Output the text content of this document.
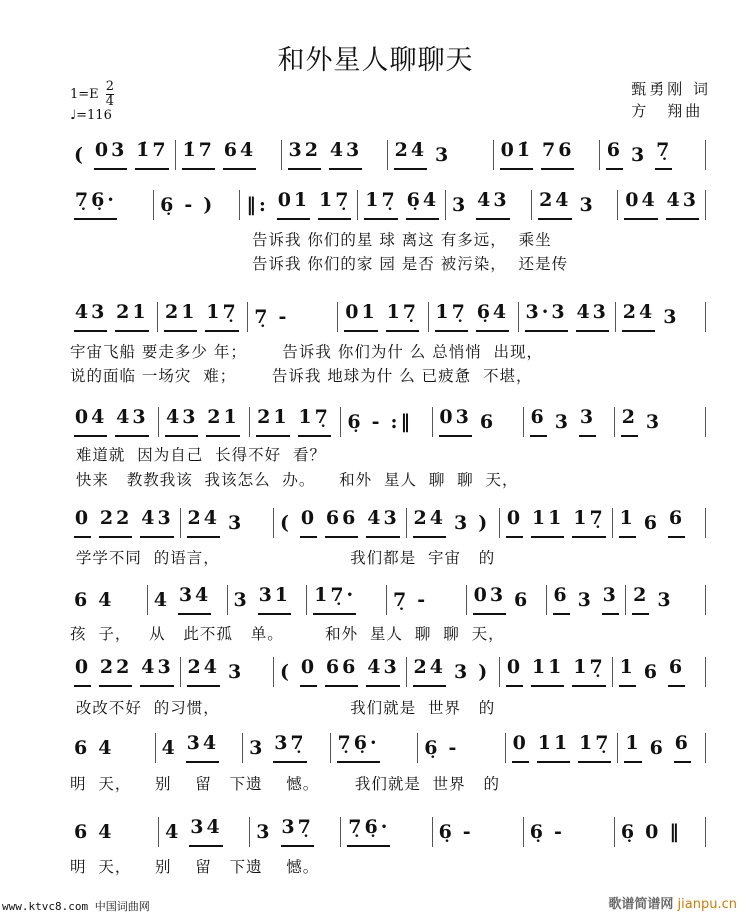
和外星人聊聊天
$1=E \frac{2}{4}$

♩=116
甄勇刚 词
方　翔曲
( ~03 ~1̇7 ~1̇7 ~64 ~32 ~43 ~24 3	~01̇ ~76 ~6 3 ~7̣
~7̣6̣· 6̣ - ) ‖: ~01 ~17̣ ~17̣ ~6̣4 3 ~43 ~24 3 ~04 ~43
~43 ~21 ~21 ~17̣ 7̣ -	~01 ~17̣ ~17̣ ~6̣4 ~3·3 ~43 ~24 3
~04 ~43 ~43 ~21 ~21 ~17̣ 6̣ - :‖ ~03 6 ~6 3 ~3 ~2 3
~0 ~22 ~43 ~24 3 ( ~0 ~66 ~43 ~24 3 ) ~0 ~11 ~17̣ ~1 6 ~6
6 4 4 ~34 3 ~31 ~17̣· 7̣ - ~03 6 ~6 3 ~3 ~2 3
~0 ~22 ~43 ~24 3 ( ~0 ~66 ~43 ~24 3 ) ~0 ~11 ~17̣ ~1 6 ~6
6 4 4 ~34 3 ~37̣ ~7̣6̣· 6̣ -	~0 ~11 ~17̣ ~1 6 ~6
6 4	4 ~34 3 ~37̣ ~7̣6̣·	6̣ -	6̣ -	6̣ 0 ‖
告诉我 你们的星 球 离这 有多远，  乘坐
告诉我 你们的家 园 是否 被污染，  还是传
宇宙飞船 要走多少 年；      告诉我 你们为什 么 总悄悄  出现，
说的面临 一场灾  难；      告诉我 地球为什 么 已疲惫  不堪，
难道就  因为自己  长得不好  看？
快来   教教我该  我该怎么  办。    和外  星人  聊  聊  天，
学学不同  的语言，                      我们都是  宇宙   的
孩  子，   从   此不孤   单。       和外  星人  聊  聊  天，
改改不好  的习惯，                      我们就是  世界   的
明  天，    别    留   下遗    憾。      我们就是  世界   的
明  天，    别    留   下遗    憾。
www.ktvc8.com 中国词曲网	歌谱简谱网 jianpu.cn
